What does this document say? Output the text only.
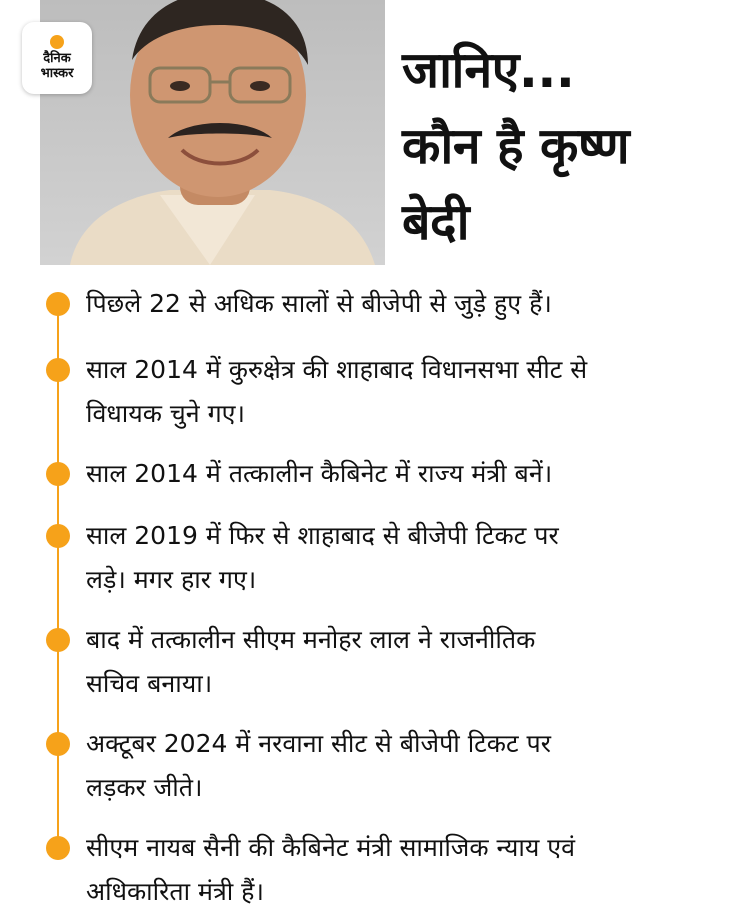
दैनिक
भास्कर	जानिए...
कौन है कृष्ण
बेदी
पिछले 22 से अधिक सालों से बीजेपी से जुड़े हुए हैं।
साल 2014 में कुरुक्षेत्र की शाहाबाद विधानसभा सीट से
विधायक चुने गए।
साल 2014 में तत्कालीन कैबिनेट में राज्य मंत्री बनें।
साल 2019 में फिर से शाहाबाद से बीजेपी टिकट पर
लड़े। मगर हार गए।
बाद में तत्कालीन सीएम मनोहर लाल ने राजनीतिक
सचिव बनाया।
अक्टूबर 2024 में नरवाना सीट से बीजेपी टिकट पर
लड़कर जीते।
सीएम नायब सैनी की कैबिनेट मंत्री सामाजिक न्याय एवं
अधिकारिता मंत्री हैं।
